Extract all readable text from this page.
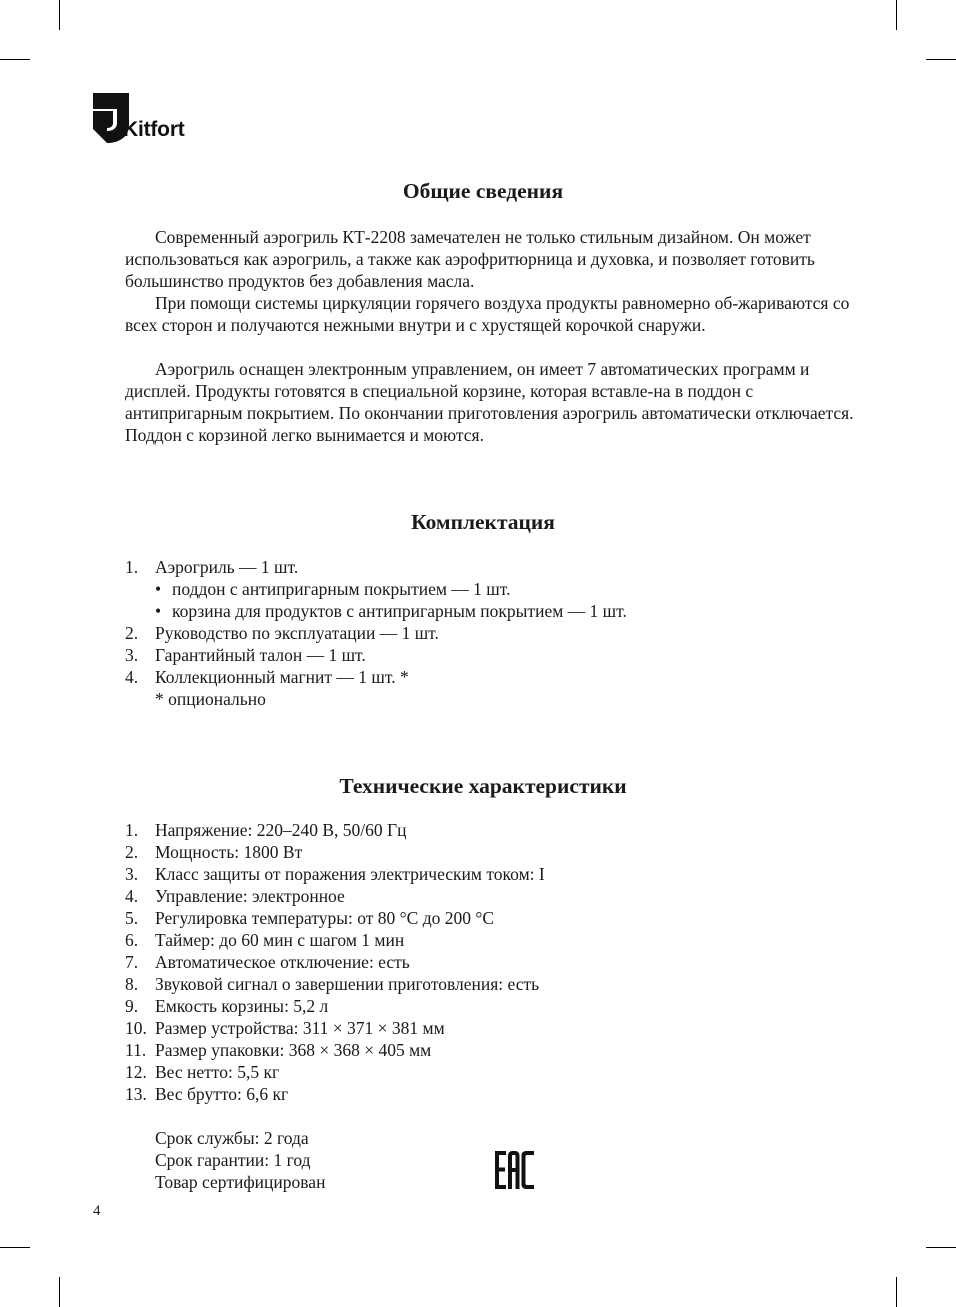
Kitfort
Общие сведения

Современный аэрогриль КТ-2208 замечателен не только стильным дизайном. Он может использоваться как аэрогриль, а также как аэрофритюрница и духовка, и позволяет готовить большинство продуктов без добавления масла.

При помощи системы циркуляции горячего воздуха продукты равномерно об-жариваются со всех сторон и получаются нежными внутри и с хрустящей корочкой снаружи.

Аэрогриль оснащен электронным управлением, он имеет 7 автоматических программ и дисплей. Продукты готовятся в специальной корзине, которая вставле-на в поддон с антипригарным покрытием. По окончании приготовления аэрогриль автоматически отключается. Поддон с корзиной легко вынимается и моются.

Комплектация
1. Аэрогриль — 1 шт.
• поддон с антипригарным покрытием — 1 шт.
• корзина для продуктов с антипригарным покрытием — 1 шт.
2. Руководство по эксплуатации — 1 шт.
3. Гарантийный талон — 1 шт.
4. Коллекционный магнит — 1 шт. *
* опционально
Технические характеристики
1. Напряжение: 220–240 В, 50/60 Гц
2. Мощность: 1800 Вт
3. Класс защиты от поражения электрическим током: I
4. Управление: электронное
5. Регулировка температуры: от 80 °С до 200 °С
6. Таймер: до 60 мин с шагом 1 мин
7. Автоматическое отключение: есть
8. Звуковой сигнал о завершении приготовления: есть
9. Емкость корзины: 5,2 л
10. Размер устройства: 311 × 371 × 381 мм
11. Размер упаковки: 368 × 368 × 405 мм
12. Вес нетто: 5,5 кг
13. Вес брутто: 6,6 кг
Срок службы: 2 года
Срок гарантии: 1 год
Товар сертифицирован
4
